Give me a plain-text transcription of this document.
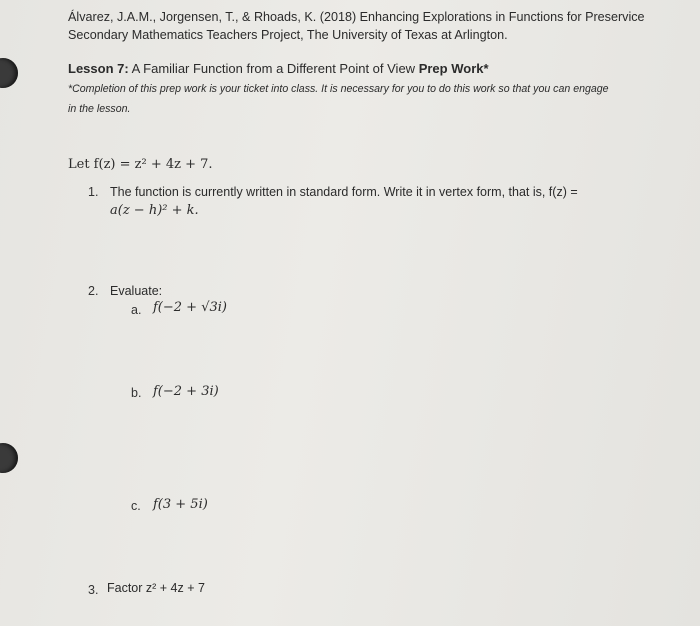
Álvarez, J.A.M., Jorgensen, T., & Rhoads, K. (2018) Enhancing Explorations in Functions for Preservice
Secondary Mathematics Teachers Project, The University of Texas at Arlington.
Lesson 7: A Familiar Function from a Different Point of View Prep Work*
*Completion of this prep work is your ticket into class. It is necessary for you to do this work so that you can engage
in the lesson.
Let f(z) = z² + 4z + 7.
1. The function is currently written in standard form. Write it in vertex form, that is, f(z) =
a(z − h)² + k.
2. Evaluate:
a. f(−2 + √3i)
b. f(−2 + 3i)
c. f(3 + 5i)
3. Factor z² + 4z + 7
